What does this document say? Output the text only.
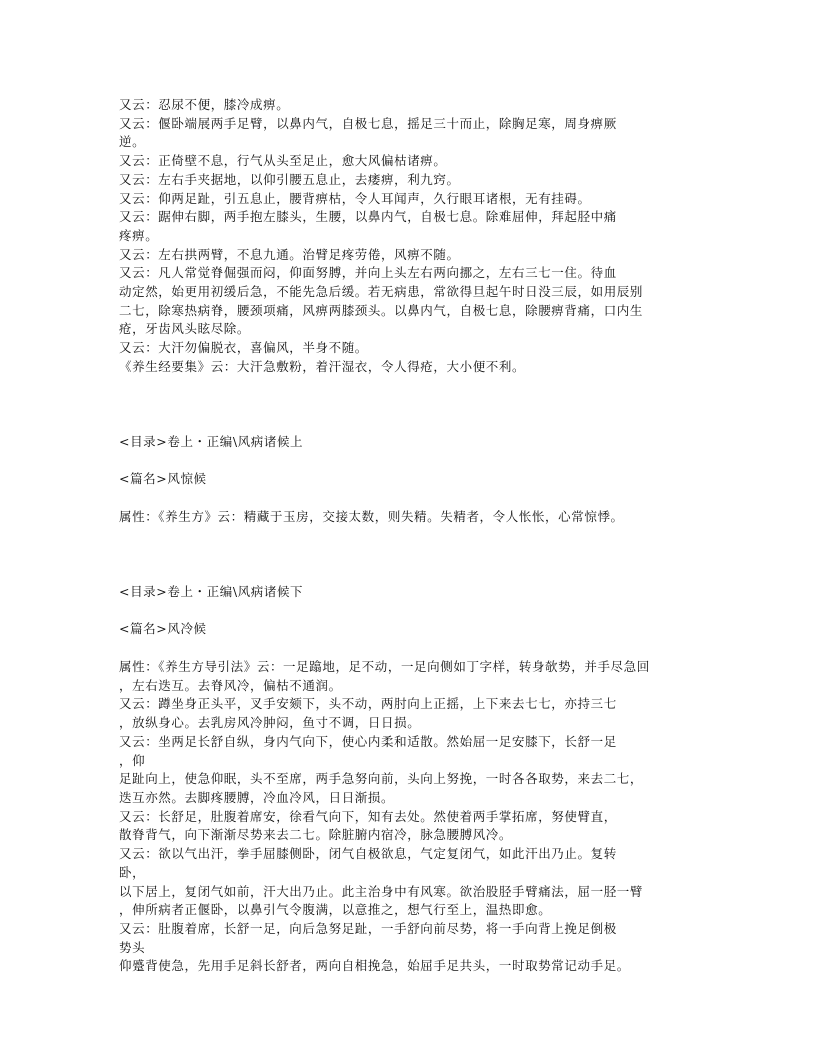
又云：忍尿不便，膝冷成痹。
又云：偃卧端展两手足臂，以鼻内气，自极七息，摇足三十而止，除胸足寒，周身痹厥
逆。
又云：正倚壁不息，行气从头至足止，愈大风偏枯诸痹。
又云：左右手夹据地，以仰引腰五息止，去痿痹，利九窍。
又云：仰两足趾，引五息止，腰背痹枯，令人耳闻声，久行眼耳诸根，无有挂碍。
又云：踞伸右脚，两手抱左膝头，生腰，以鼻内气，自极七息。除难屈伸，拜起胫中痛
疼痹。
又云：左右拱两臂，不息九通。治臂足疼劳倦，风痹不随。
又云：凡人常觉脊倔强而闷，仰面努膊，并向上头左右两向挪之，左右三七一住。待血
动定然，始更用初缓后急，不能先急后缓。若无病患，常欲得旦起午时日没三辰，如用辰别
二七，除寒热病脊，腰颈项痛，风痹两膝颈头。以鼻内气，自极七息，除腰痹背痛，口内生
疮，牙齿风头眩尽除。
又云：大汗勿偏脱衣，喜偏风，半身不随。
《养生经要集》云：大汗急敷粉，着汗湿衣，令人得疮，大小便不利。
<目录>卷上・正编\风病诸候上
<篇名>风惊候
属性：《养生方》云：精藏于玉房，交接太数，则失精。失精者，令人怅怅，心常惊悸。
<目录>卷上・正编\风病诸候下
<篇名>风冷候
属性：《养生方导引法》云：一足蹹地，足不动，一足向侧如丁字样，转身欹势，并手尽急回
，左右迭互。去脊风冷，偏枯不通润。
又云：蹲坐身正头平，叉手安颏下，头不动，两肘向上正摇，上下来去七七，亦持三七
，放纵身心。去乳房风冷肿闷，鱼寸不调，日日损。
又云：坐两足长舒自纵，身内气向下，使心内柔和适散。然始屈一足安膝下，长舒一足
，仰
足趾向上，使急仰眠，头不至席，两手急努向前，头向上努挽，一时各各取势，来去二七，
迭互亦然。去脚疼腰膊，冷血冷风，日日渐损。
又云：长舒足，肚腹着席安，徐看气向下，知有去处。然使着两手掌拓席，努使臂直，
散脊背气，向下渐渐尽势来去二七。除脏腑内宿冷，脉急腰膊风冷。
又云：欲以气出汗，拳手屈膝侧卧，闭气自极欲息，气定复闭气，如此汗出乃止。复转
卧，
以下居上，复闭气如前，汗大出乃止。此主治身中有风寒。欲治股胫手臂痛法，屈一胫一臂
，伸所病者正偃卧，以鼻引气令腹满，以意推之，想气行至上，温热即愈。
又云：肚腹着席，长舒一足，向后急努足趾，一手舒向前尽势，将一手向背上挽足倒极
势头
仰蹙背使急，先用手足斜长舒者，两向自相挽急，始屈手足共头，一时取势常记动手足。
